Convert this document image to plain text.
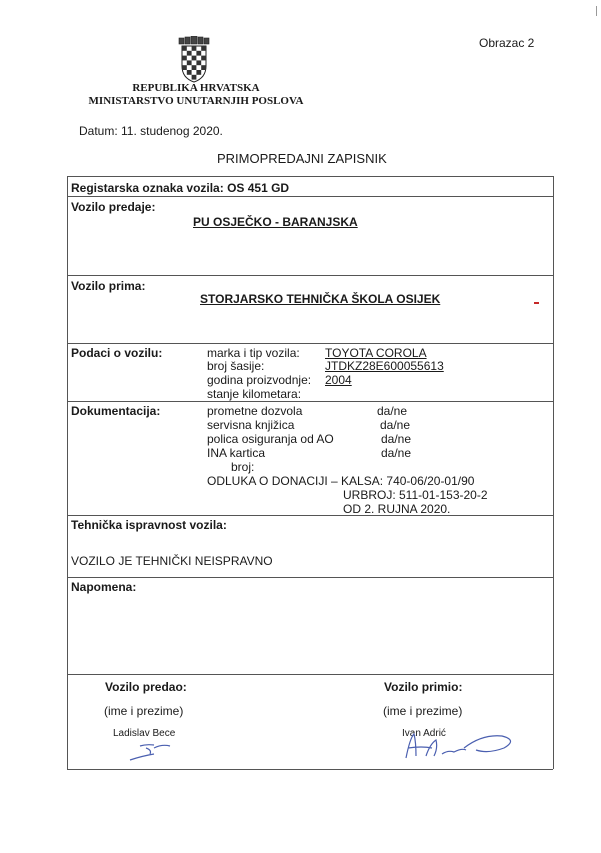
Obrazac 2
REPUBLIKA HRVATSKA
MINISTARSTVO UNUTARNJIH POSLOVA
Datum: 11. studenog 2020.
PRIMOPREDAJNI ZAPISNIK
Registarska oznaka vozila: OS 451 GD
Vozilo predaje:
PU OSJEČKO - BARANJSKA
Vozilo prima:
STORJARSKO TEHNIČKA ŠKOLA OSIJEK
Podaci o vozilu:	marka i tip vozila: TOYOTA COROLA
broj šasije:	JTDKZ28E600055613
godina proizvodnje: 2004
stanje kilometara:
Dokumentacija:	prometne dozvola	da/ne
servisna knjižica	da/ne
polica osiguranja od AO	da/ne
INA kartica	da/ne
broj:
ODLUKA O DONACIJI – KALSA: 740-06/20-01/90
URBROJ: 511-01-153-20-2
OD 2. RUJNA 2020.
Tehnička ispravnost vozila:
VOZILO JE TEHNIČKI NEISPRAVNO
Napomena:
Vozilo predao:	Vozilo primio:
(ime i prezime)	(ime i prezime)
Ladislav Bece	Ivan Adrić
